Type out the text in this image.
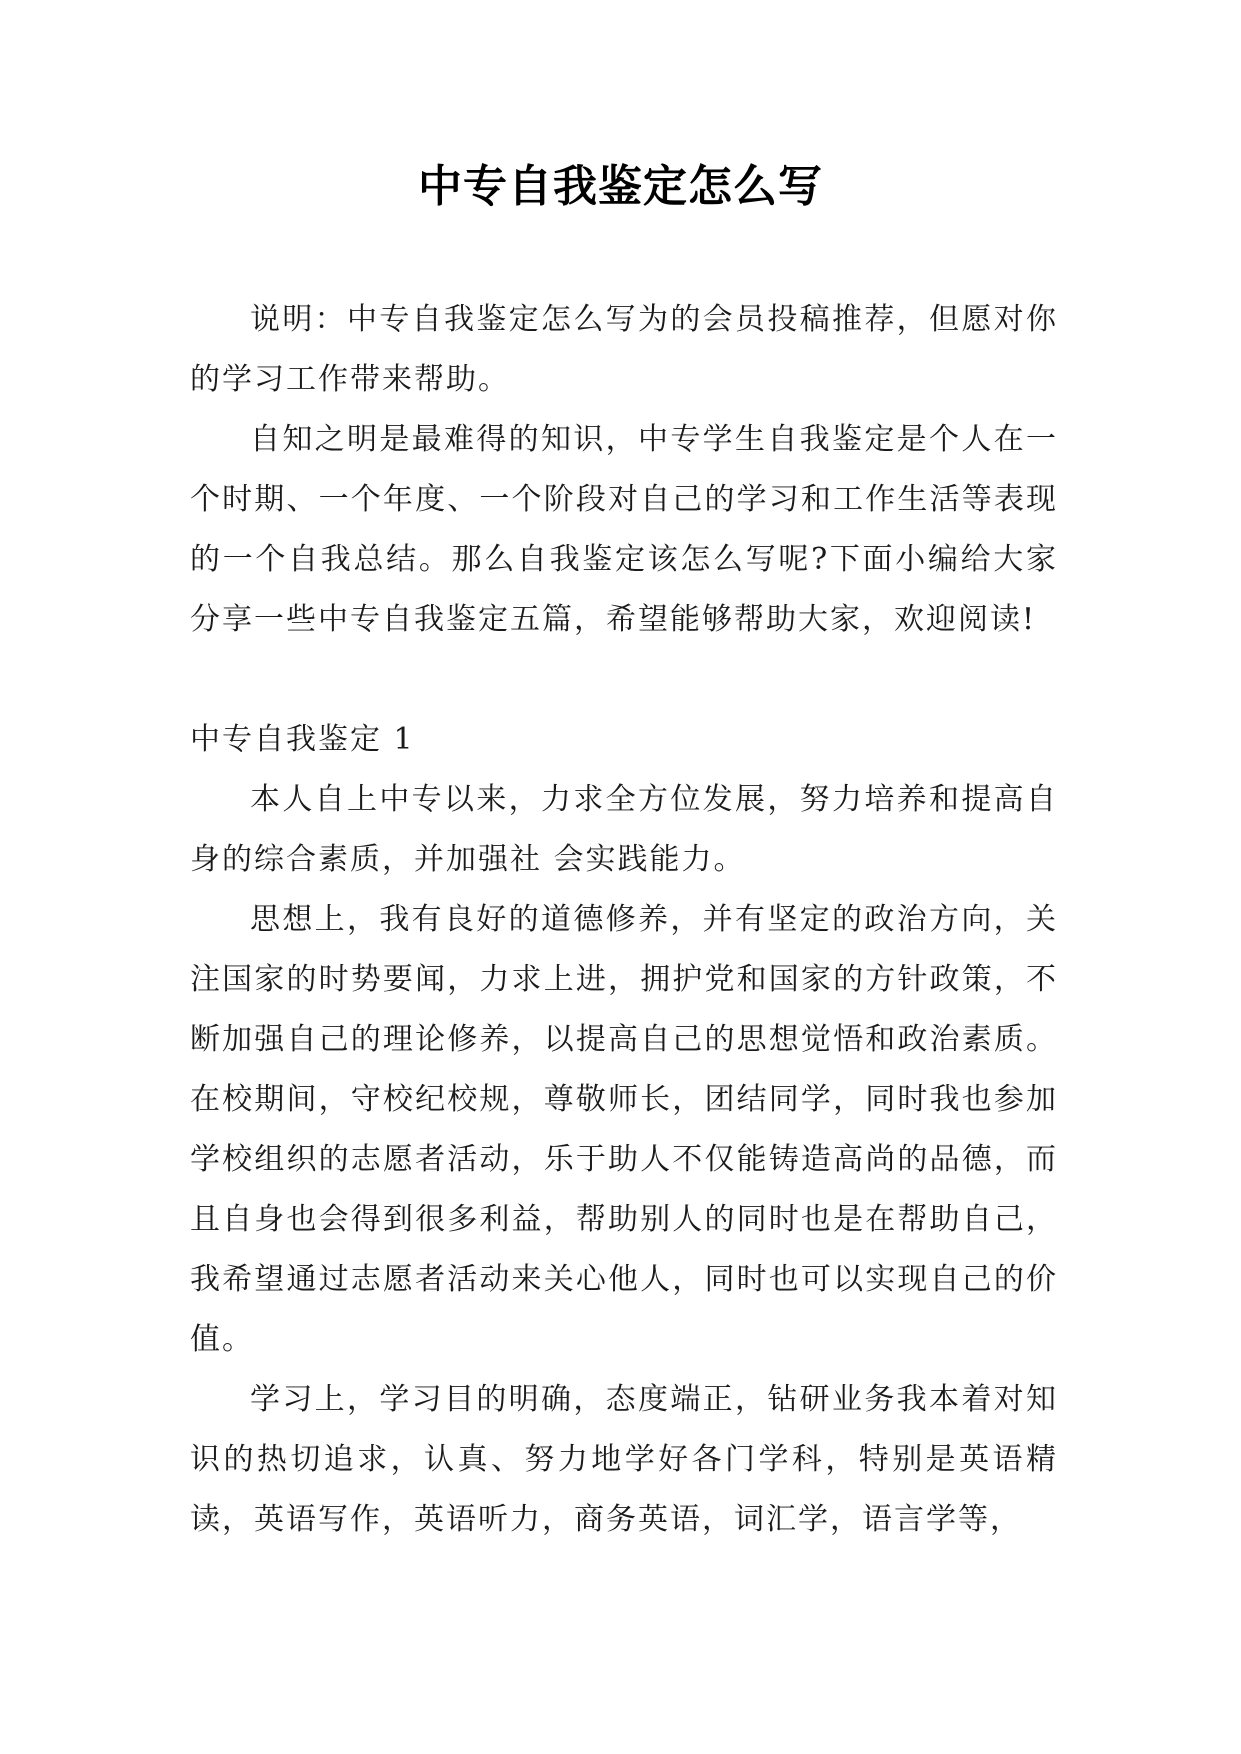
中专自我鉴定怎么写

说明：中专自我鉴定怎么写为的会员投稿推荐，但愿对你的学习工作带来帮助。

自知之明是最难得的知识，中专学生自我鉴定是个人在一个时期、一个年度、一个阶段对自己的学习和工作生活等表现的一个自我总结。那么自我鉴定该怎么写呢?下面小编给大家分享一些中专自我鉴定五篇，希望能够帮助大家，欢迎阅读!

中专自我鉴定 1

本人自上中专以来，力求全方位发展，努力培养和提高自身的综合素质，并加强社 会实践能力。

思想上，我有良好的道德修养，并有坚定的政治方向，关注国家的时势要闻，力求上进，拥护党和国家的方针政策，不断加强自己的理论修养，以提高自己的思想觉悟和政治素质。在校期间，守校纪校规，尊敬师长，团结同学，同时我也参加学校组织的志愿者活动，乐于助人不仅能铸造高尚的品德，而且自身也会得到很多利益，帮助别人的同时也是在帮助自己，我希望通过志愿者活动来关心他人，同时也可以实现自己的价值。

学习上，学习目的明确，态度端正，钻研业务我本着对知识的热切追求，认真、努力地学好各门学科，特别是英语精读，英语写作，英语听力，商务英语，词汇学，语言学等，
